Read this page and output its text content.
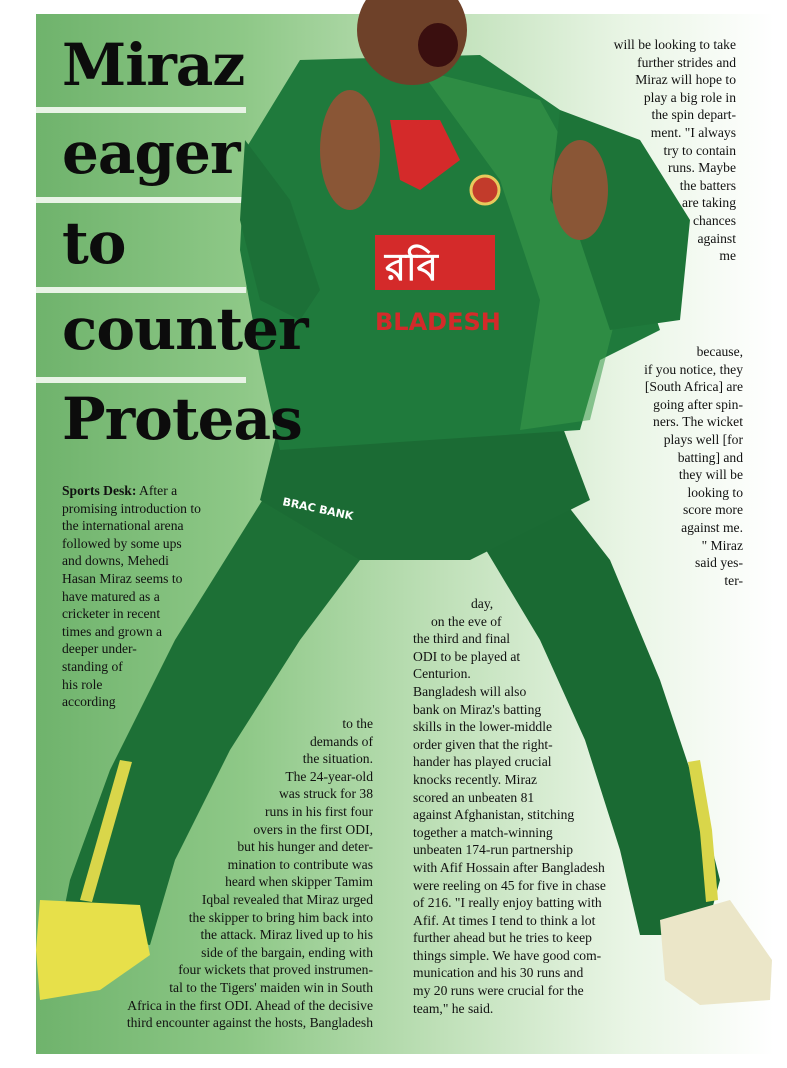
রবি
BLADESH
BRAC BANK
Miraz
eager
to
counter
Proteas
Sports Desk: After a
promising introduction to
the international arena
followed by some ups
and downs, Mehedi
Hasan Miraz seems to
have matured as a
cricketer in recent
times and grown a
deeper under-
standing of
his role
according
to the
demands of
the situation.
The 24-year-old
was struck for 38
runs in his first four
overs in the first ODI,
but his hunger and deter-
mination to contribute was
heard when skipper Tamim
Iqbal revealed that Miraz urged
the skipper to bring him back into
the attack. Miraz lived up to his
side of the bargain, ending with
four wickets that proved instrumen-
tal to the Tigers' maiden win in South
Africa in the first ODI. Ahead of the decisive
third encounter against the hosts, Bangladesh
will be looking to take
further strides and
Miraz will hope to
play a big role in
the spin depart-
ment. "I always
try to contain
runs. Maybe
the batters
are taking
chances
against
me
because,
if you notice, they
[South Africa] are
going after spin-
ners. The wicket
plays well [for
batting] and
they will be
looking to
score more
against me.
" Miraz
said yes-
ter-
day,
on the eve of
the third and final
ODI to be played at
Centurion.
Bangladesh will also
bank on Miraz's batting
skills in the lower-middle
order given that the right-
hander has played crucial
knocks recently. Miraz
scored an unbeaten 81
against Afghanistan, stitching
together a match-winning
unbeaten 174-run partnership
with Afif Hossain after Bangladesh
were reeling on 45 for five in chase
of 216. "I really enjoy batting with
Afif. At times I tend to think a lot
further ahead but he tries to keep
things simple. We have good com-
munication and his 30 runs and
my 20 runs were crucial for the
team," he said.
